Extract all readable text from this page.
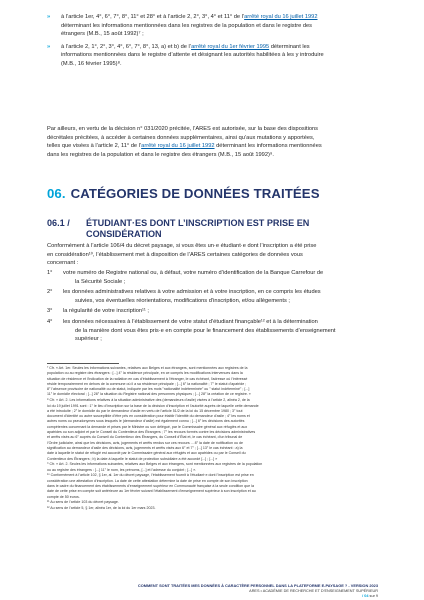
» à l’article 1er, 4°, 6°, 7°, 8°, 11° et 28° et à l’article 2, 2°, 3°, 4° et 11° de l’arrêté royal du 16 juillet 1992
déterminant les informations mentionnées dans les registres de la population et dans le registre des
étrangers (M.B., 15 août 1992)⁷ ;
» à l’article 2, 1°, 2°, 3°, 4°, 6°, 7°, 8°, 13, a) et b) de l’arrêté royal du 1er février 1995 déterminant les
informations mentionnées dans le registre d’attente et désignant les autorités habilitées à les y introduire
(M.B., 16 février 1995)⁸.
Par ailleurs, en vertu de la décision n° 031/2020 précitée, l’ARES est autorisée, sur la base des dispositions
décrétales précitées, à accéder à certaines données supplémentaires, ainsi qu’aux mutations y apportées,
telles que visées à l’article 2, 11° de l’arrêté royal du 16 juillet 1992 déterminant les informations mentionnées
dans les registres de la population et dans le registre des étrangers (M.B., 15 août 1992)⁹.
06. CATÉGORIES DE DONNÉES TRAITÉES
06.1 / ÉTUDIANT·ES DONT L’INSCRIPTION EST PRISE EN
CONSIDÉRATION
Conformément à l’article 106/4 du décret paysage, si vous êtes un·e étudiant·e dont l’inscription a été prise
en considération¹⁰, l’établissement met à disposition de l’ARES certaines catégories de données vous
concernant :
1° votre numéro de Registre national ou, à défaut, votre numéro d’identification de la Banque Carrefour de
la Sécurité Sociale ;
2° les données administratives relatives à votre admission et à votre inscription, en ce compris les études
suivies, vos éventuelles réorientations, modifications d’inscription, et/ou allègements ;
3° la régularité de votre inscription¹¹ ;
4° les données nécessaires à l’établissement de votre statut d’étudiant finançable¹² et à la détermination
de la manière dont vous êtes pris·e en compte pour le financement des établissements d’enseignement
supérieur ;
⁷ Cfr. « Art. 1er. Seules les informations suivantes, relatives aux Belges et aux étrangers, sont mentionnées aux registres de la
population ou au registre des étrangers : [...] 4° la résidence principale, en ce compris les modifications intervenues dans la
situation de résidence et l’indication de la radiation en cas d’établissement à l’étranger, le cas échéant, l’adresse où l’intéressé
réside temporairement en dehors de la commune où il a sa résidence principale ; [...] 6° la nationalité ; 7° le statut d’apatride ;
8° l’absence provisoire de nationalité ou de statut, indiquée par les mots "nationalité indéterminée" ou " statut indéterminé" ; [...]
11° le domicile électoral ; [...] 28° la situation du Registre national des personnes physiques ; [...] 28° la création de ce registre. »
⁸ Cfr. « Art. 2. Les informations relatives à la situation administrative des (demandeurs d’asile) visées à l’article 2, alinéa 2, de la
loi du 19 juillet 1991 sont : 1° le lieu d’inscription sur la base de la décision d’inscription et l’autorité auprès de laquelle cette demande
a été introduite ; 2° le domicile du par le demandeur d’asile en vertu de l’article 51/2 de la loi du 15 décembre 1980 ; 3° tout
document d’identité ou autre susceptible d’être pris en considération pour établir l’identité du demandeur d’asile ; 4° les noms et
autres noms ou pseudonymes sous lesquels le (demandeur d’asile) est également connu ; [...] 6° les décisions des autorités
compétentes concernant la demande et prises par le Ministre ou son délégué, par le Commissaire général aux réfugiés et aux
apatrides ou son adjoint et par le Conseil du Contentieux des Étrangers ; 7° les recours formés contre les décisions administratives
et arrêts visés au 6° auprès du Conseil du Contentieux des Étrangers, du Conseil d’État et, le cas échéant, d’un tribunal de
l’Ordre judiciaire, ainsi que les décisions, avis, jugements et arrêts rendus sur ces recours ... 8° la date de notification ou de
signification au demandeur d’asile des décisions, avis, jugements et arrêts visés aux 6° et 7° ; [...] 13° le cas échéant : a) la
date à laquelle le statut de réfugié est accordé par le Commissaire général aux réfugiés et aux apatrides ou par le Conseil du
Contentieux des Étrangers ; b) la date à laquelle le statut de protection subsidiaire a été accordé [...] ; [...] »
⁹ Cfr. « Art. 2. Seules les informations suivantes, relatives aux Belges et aux étrangers, sont mentionnées aux registres de la population
ou au registre des étrangers : [...] 11° le nom, les prénoms, [...] et l’adresse du conjoint ; [...] ».
¹⁰ Conformément à l’article 102, § 1er, al. 1er du décret paysage, l’établissement fournit à l’étudiant·e dont l’inscription est prise en
considération une attestation d’inscription. La date de cette attestation détermine la date de prise en compte de son inscription
dans le cadre du financement des établissements d’enseignement supérieur en Communauté française à la seule condition que la
date de cette prise en compte soit antérieure au 1er février suivant l’établissement d’enseignement supérieur à son inscription et au
compte de 50 euros.
¹¹ Au sens de l’article 103 du décret paysage.
¹² Au sens de l’article 5, § 1er, alinéa 1er, de la loi du 1er mars 2023.
COMMENT SONT TRAITÉES MES DONNÉES À CARACTÈRE PERSONNEL DANS LA PLATEFORME E-PAYSAGE ? - VERSION 2023
ARES • ACADÉMIE DE RECHERCHE ET D’ENSEIGNEMENT SUPÉRIEUR
/ 04 sur 9
